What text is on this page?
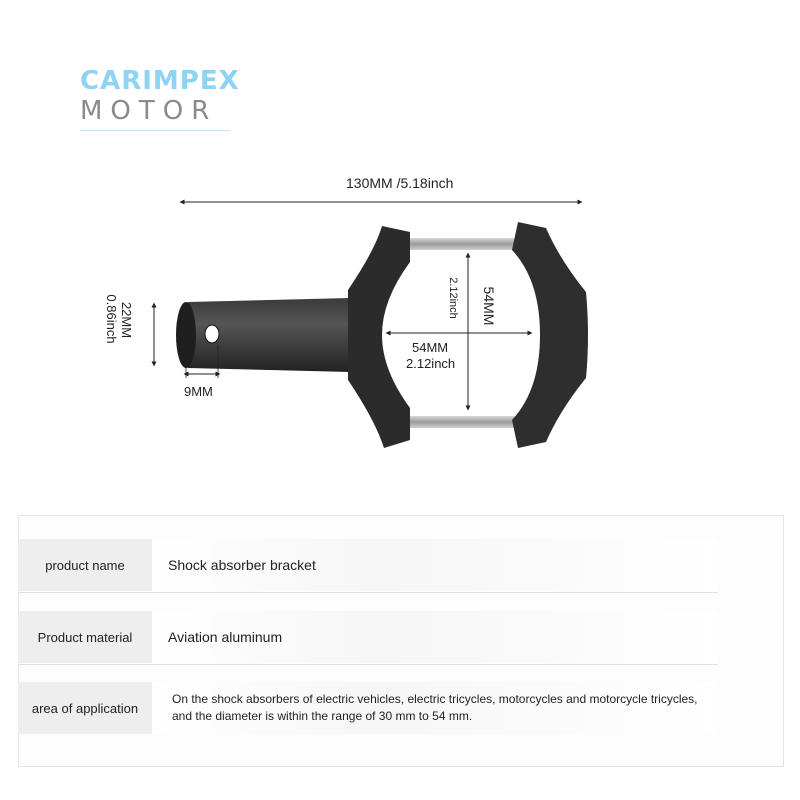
CARIMPEX
MOTOR
130MM /5.18inch
22MM
0.86inch
9MM
54MM
2.12inch
54MM
2.12inch
product name	Shock absorber bracket
Product material	Aviation aluminum
area of application
On the shock absorbers of electric vehicles, electric tricycles, motorcycles and motorcycle tricycles, and the diameter is within the range of 30 mm to 54 mm.
